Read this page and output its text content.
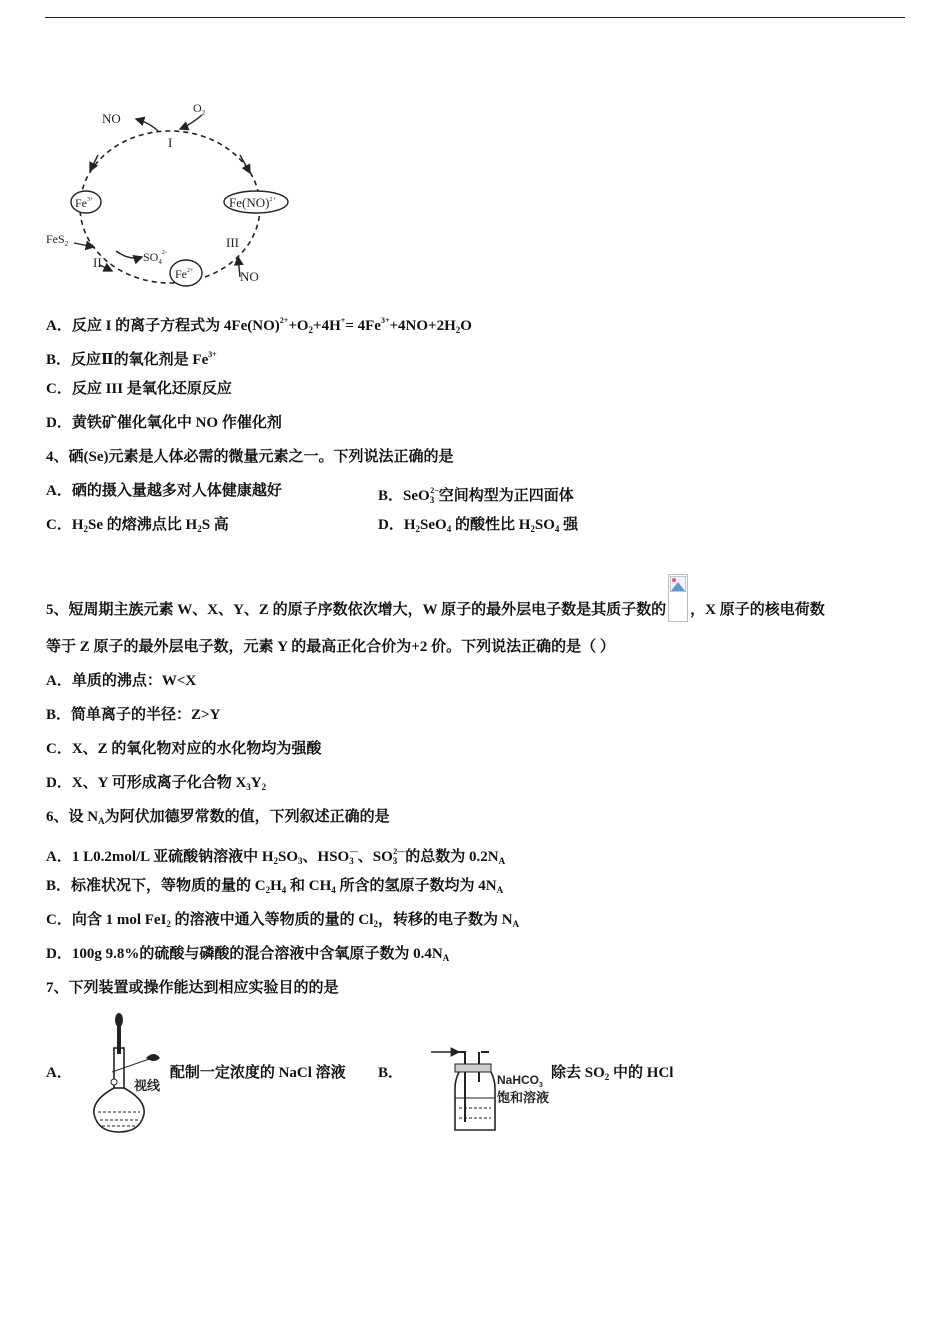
NO
$O_2$
I
$Fe^{3+}$	Fe(NO)$^{2+}$
FeS$_2$
II	$SO_4^{2-}$
$Fe^{2+}$
III
NO
A．反应 I 的离子方程式为 $4Fe(NO)^{2+}+O_2+4H^+= 4Fe^{3+}+4NO+2H_2O$
B．反应Ⅱ的氧化剂是 $Fe^{3+}$
C．反应 III 是氧化还原反应
D．黄铁矿催化氧化中 NO 作催化剂
4、硒(Se)元素是人体必需的微量元素之一。下列说法正确的是
A．硒的摄入量越多对人体健康越好	B．SeO$_3^{2-}$空间构型为正四面体
C．$H_2Se$ 的熔沸点比 $H_2S$ 高	D．$H_2SeO_4$ 的酸性比 $H_2SO_4$ 强
5、短周期主族元素 W、X、Y、Z 的原子序数依次增大，W 原子的最外层电子数是其质子数的 ，X 原子的核电荷数
等于 Z 原子的最外层电子数，元素 Y 的最高正化合价为+2 价。下列说法正确的是（ ）
A．单质的沸点：W<X
B．简单离子的半径：Z>Y
C．X、Z 的氧化物对应的水化物均为强酸
D．X、Y 可形成离子化合物 $X_3Y_2$
6、设 $N_A$为阿伏加德罗常数的值，下列叙述正确的是
A．1 L0.2mol/L 亚硫酸钠溶液中 $H_2SO_3$、$HSO_3^—$、$SO_3^{2—}$的总数为 $0.2N_A$
B．标准状况下，等物质的量的 $C_2H_4$ 和 $CH_4$ 所含的氢原子数均为 $4N_A$
C．向含 1 mol FeI$_2$ 的溶液中通入等物质的量的 $Cl_2$，转移的电子数为 $N_A$
D．100g 9.8%的硫酸与磷酸的混合溶液中含氧原子数为 $0.4N_A$
7、下列装置或操作能达到相应实验目的的是
A．
视线
配制一定浓度的 NaCl 溶液 B．	NaHCO$_3$
饱和溶液
除去 $SO_2$ 中的 HCl
